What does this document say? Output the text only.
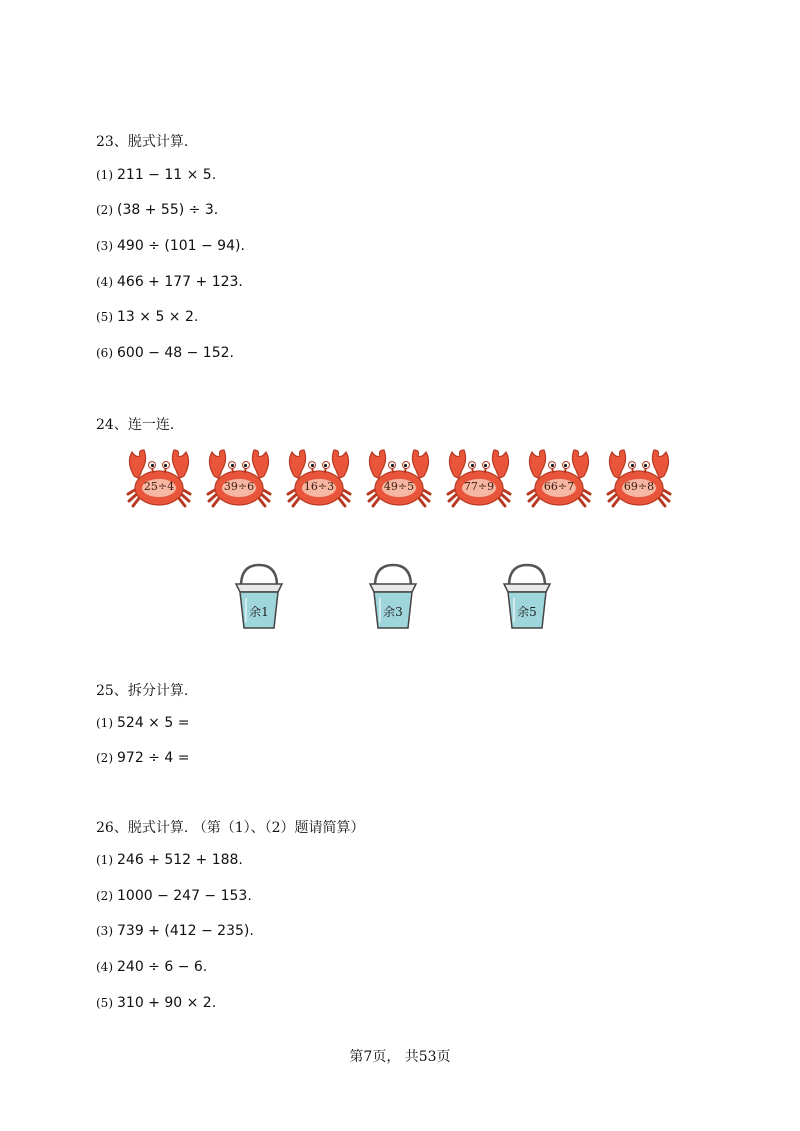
23、脱式计算.
(1) 211 − 11 × 5.
(2) (38 + 55) ÷ 3.
(3) 490 ÷ (101 − 94).
(4) 466 + 177 + 123.
(5) 13 × 5 × 2.
(6) 600 − 48 − 152.
24、连一连.
25÷4	39÷6	16÷3	49÷5	77÷9	66÷7	69÷8
余1	余3	余5
25、拆分计算.
(1) 524 × 5 =
(2) 972 ÷ 4 =
26、脱式计算. （第（1）、（2）题请简算）
(1) 246 + 512 + 188.
(2) 1000 − 247 − 153.
(3) 739 + (412 − 235).
(4) 240 ÷ 6 − 6.
(5) 310 + 90 × 2.
第7页， 共53页
